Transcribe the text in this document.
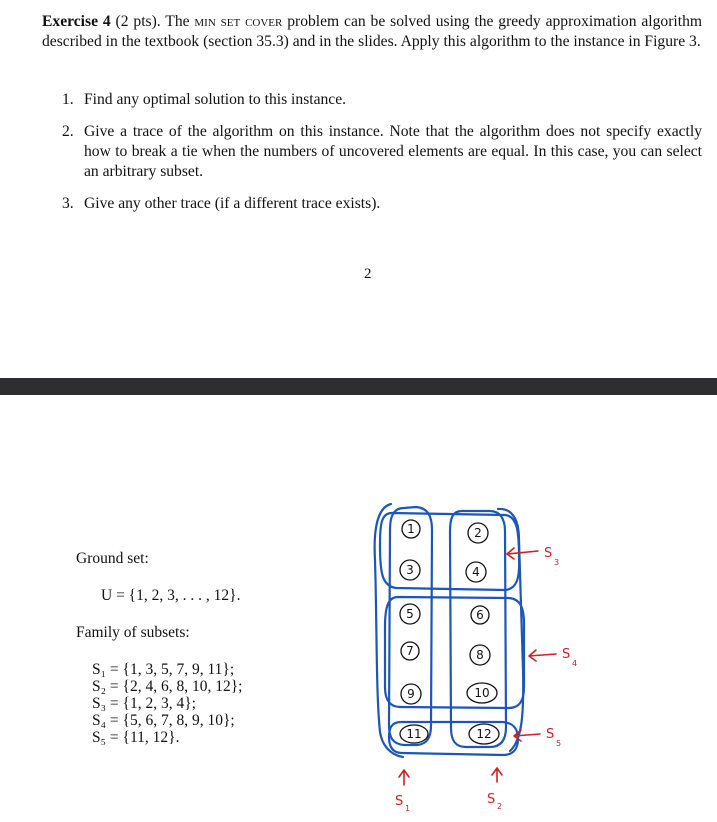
Exercise 4 (2 pts). The min set cover problem can be solved using the greedy approximation algorithm described in the textbook (section 35.3) and in the slides. Apply this algorithm to the instance in Figure 3.
1. Find any optimal solution to this instance.
2. Give a trace of the algorithm on this instance. Note that the algorithm does not specify exactly how to break a tie when the numbers of uncovered elements are equal. In this case, you can select an arbitrary subset.
3. Give any other trace (if a different trace exists).
2
Ground set:
U = {1, 2, 3, . . . , 12}.
Family of subsets:
S₁ = {1, 3, 5, 7, 9, 11};
S₂ = {2, 4, 6, 8, 10, 12};
S₃ = {1, 2, 3, 4};
S₄ = {5, 6, 7, 8, 9, 10};
S₅ = {11, 12}.
1	2
3	4
5	6
7	8
9	10
11	12
S
3
S
4
S
5
S 1
S 2
